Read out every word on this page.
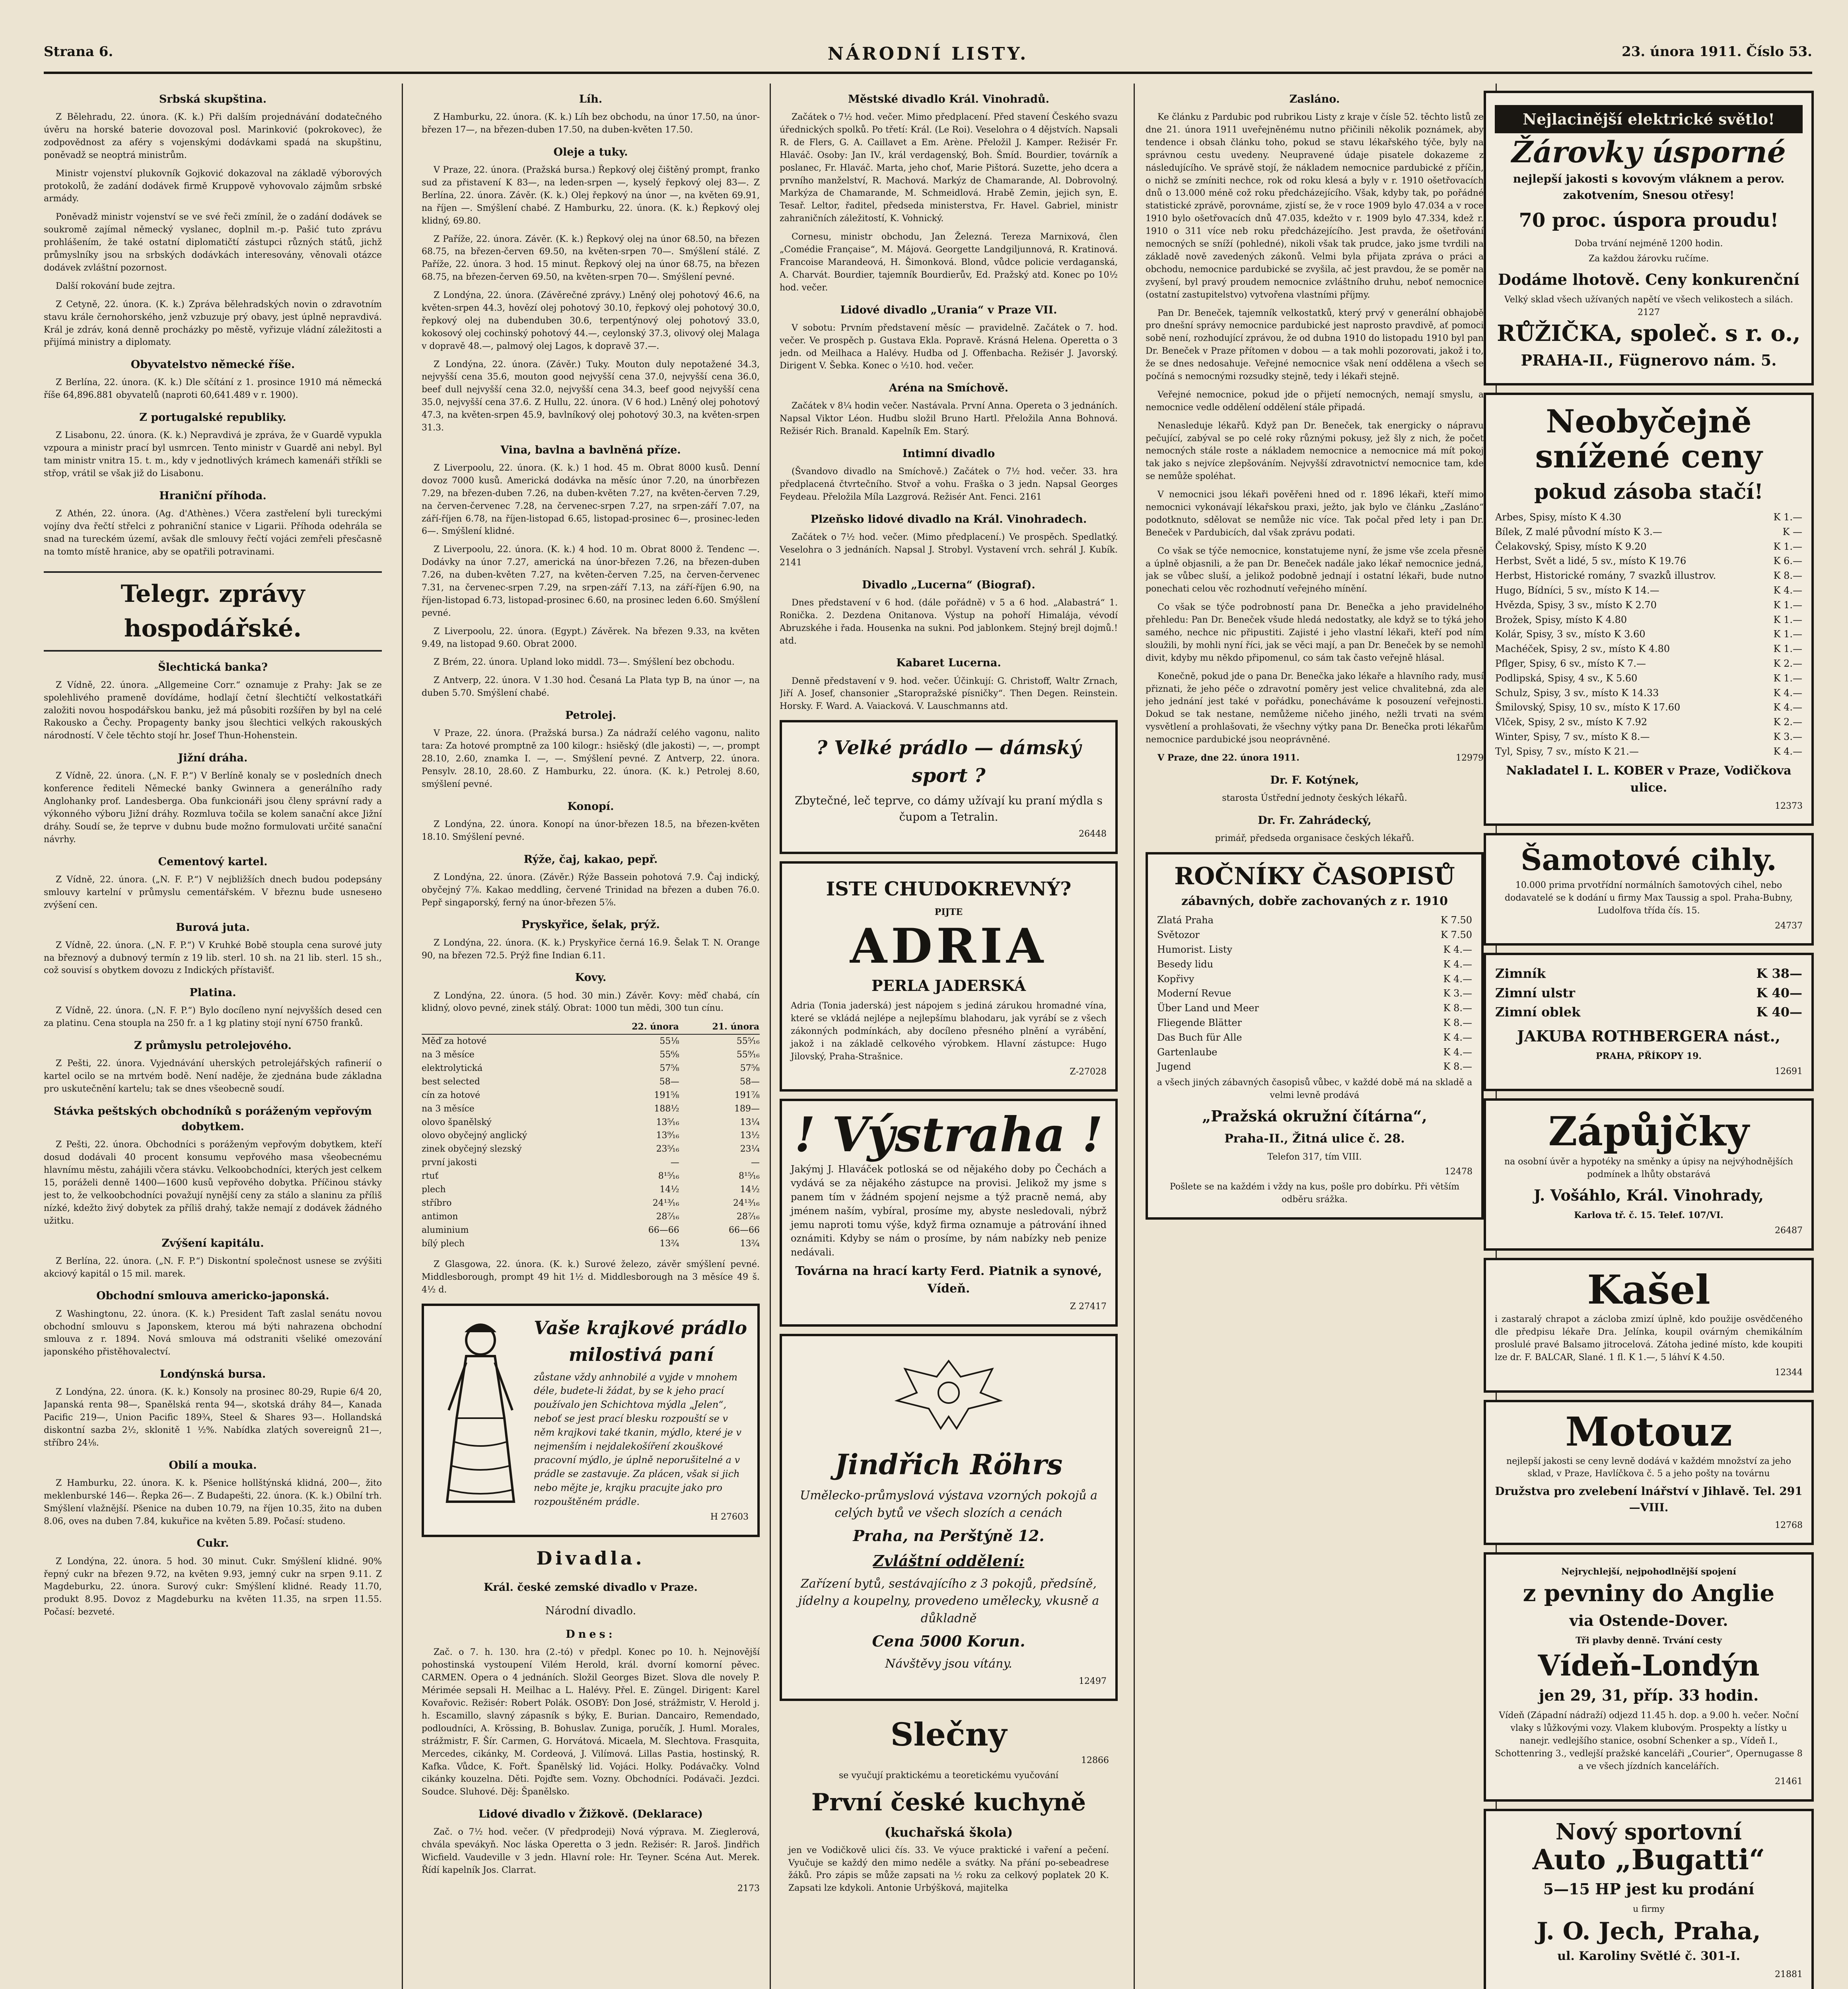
Strana 6.	NÁRODNÍ LISTY.	23. února 1911. Číslo 53.
Srbská skupština.

Z Bělehradu, 22. února. (K. k.) Při dalším projednávání dodatečného úvěru na horské baterie dovozoval posl. Marinković (pokrokovec), že zodpovědnost za aféry s vojenskými dodávkami spadá na skupštinu, poněvadž se neoptrá ministrům.

Ministr vojenství plukovník Gojković dokazoval na základě výborových protokolů, že zadání dodávek firmě Kruppově vyhovovalo zájmům srbské armády.

Poněvadž ministr vojenství se ve své řeči zmínil, že o zadání dodávek se soukromě zajímal německý vyslanec, doplnil m.-p. Pašić tuto zprávu prohlášením, že také ostatní diplomatičtí zástupci různých států, jichž průmyslníky jsou na srbských dodávkách interesovány, věnovali otázce dodávek zvláštní pozornost.

Další rokování bude zejtra.

Z Cetyně, 22. února. (K. k.) Zpráva bělehradských novin o zdravotním stavu krále černohorského, jenž vzbuzuje prý obavy, jest úplně nepravdivá. Král je zdráv, koná denně procházky po městě, vyřizuje vládní záležitosti a přijímá ministry a diplomaty.

Obyvatelstvo německé říše.

Z Berlína, 22. února. (K. k.) Dle sčítání z 1. prosince 1910 má německá říše 64,896.881 obyvatelů (naproti 60,641.489 v r. 1900).

Z portugalské republiky.

Z Lisabonu, 22. února. (K. k.) Nepravdivá je zpráva, že v Guardě vypukla vzpoura a ministr prací byl usmrcen. Tento ministr v Guardě ani nebyl. Byl tam ministr vnitra 15. t. m., kdy v jednotlivých krámech kamenáři stříkli se střop, vrátil se však již do Lisabonu.

Hraniční příhoda.

Z Athén, 22. února. (Ag. d'Athènes.) Včera zastřelení byli tureckými vojíny dva řečtí střelci z pohraniční stanice v Ligarii. Příhoda odehrála se snad na tureckém území, avšak dle smlouvy řečtí vojáci zemřeli přesčasně na tomto místě hranice, aby se opatřili potravinami.

Telegr. zprávy hospodářské.
Šlechtická banka?

Z Vídně, 22. února. „Allgemeine Corr.“ oznamuje z Prahy: Jak se ze spolehlivého prameně dovídáme, hodlají četní šlechtičtí velkostatkáři založiti novou hospodářskou banku, jež má působiti rozšířen by byl na celé Rakousko a Čechy. Propagenty banky jsou šlechtici velkých rakouských národností. V čele těchto stojí hr. Josef Thun-Hohenstein.

Jižní dráha.

Z Vídně, 22. února. („N. F. P.“) V Berlíně konaly se v posledních dnech konference řediteli Německé banky Gwinnera a generálního rady Anglohanky prof. Landesberga. Oba funkcionáři jsou členy správní rady a výkonného výboru Jižní dráhy. Rozmluva točila se kolem sanační akce Jižní dráhy. Soudí se, že teprve v dubnu bude možno formulovati určité sanační návrhy.

Cementový kartel.

Z Vídně, 22. února. („N. F. P.“) V nejbližších dnech budou podepsány smlouvy kartelní v průmyslu cementářském. V březnu bude usnesено zvýšení cen.

Burová juta.

Z Vídně, 22. února. („N. F. P.“) V Kruhké Bobě stoupla cena surové juty na březnový a dubnový termín z 19 lib. sterl. 10 sh. na 21 lib. sterl. 15 sh., což souvisí s obytkem dovozu z Indických přístavišť.

Platina.

Z Vídně, 22. února. („N. F. P.“) Bylo docíleno nyní nejvyšších desed cen za platinu. Cena stoupla na 250 fr. a 1 kg platiny stojí nyní 6750 franků.

Z průmyslu petrolejového.

Z Pešti, 22. února. Vyjednávání uherských petrolejářských rafinerií o kartel ocilo se na mrtvém bodě. Není naděje, že zjednána bude základna pro uskutečnění kartelu; tak se dnes všeobecně soudí.

Stávka peštských obchodníků s poráženým vepřovým dobytkem.

Z Pešti, 22. února. Obchodníci s poráženým vepřovým dobytkem, kteří dosud dodávali 40 procent konsumu vepřového masa všeobecnému hlavnímu městu, zahájili včera stávku. Velkoobchodníci, kterých jest celkem 15, poráželi denně 1400—1600 kusů vepřového dobytka. Příčinou stávky jest to, že velkoobchodníci považují nynější ceny za stálo a slaninu za příliš nízké, kdežto živý dobytek za příliš drahý, takže nemají z dodávek žádného užitku.

Zvýšení kapitálu.

Z Berlína, 22. února. („N. F. P.“) Diskontní společnost usnese se zvýšiti akciový kapitál o 15 mil. marek.

Obchodní smlouva americko-japonská.

Z Washingtonu, 22. února. (K. k.) President Taft zaslal senátu novou obchodní smlouvu s Japonskem, kterou má býti nahrazena obchodní smlouva z r. 1894. Nová smlouva má odstraniti všeliké omezování japonského přistěhovalectví.

Londýnská bursa.

Z Londýna, 22. února. (K. k.) Konsoly na prosinec 80-29, Rupie 6/4 20, Japanská renta 98—, Spanělská renta 94—, skotská dráhy 84—, Kanada Pacific 219—, Union Pacific 189¾, Steel & Shares 93—. Hollandská diskontní sazba 2½, sklonitě 1 ½%. Nabídka zlatých sovereignů 21—, stříbro 24⅛.

Obilí a mouka.

Z Hamburku, 22. února. K. k. Pšenice hollštýnská klidná, 200—, žito meklenburské 146—. Řepka 26—. Z Budapešti, 22. února. (K. k.) Obilní trh. Smýšlení vlažnější. Pšenice na duben 10.79, na říjen 10.35, žito na duben 8.06, oves na duben 7.84, kukuřice na květen 5.89. Počasí: studeno.

Cukr.

Z Londýna, 22. února. 5 hod. 30 minut. Cukr. Smýšlení klidné. 90% řepný cukr na březen 9.72, na květen 9.93, jemný cukr na srpen 9.11. Z Magdeburku, 22. února. Surový cukr: Smýšlení klidné. Ready 11.70, produkt 8.95. Dovoz z Magdeburku na květen 11.35, na srpen 11.55. Počasí: bezveté.

Líh.

Z Hamburku, 22. února. (K. k.) Líh bez obchodu, na únor 17.50, na únor-březen 17—, na březen-duben 17.50, na duben-květen 17.50.

Oleje a tuky.

V Praze, 22. února. (Pražská bursa.) Řepkový olej čištěný prompt, franko sud za přistavení K 83—, na leden-srpen —, kyselý řepkový olej 83—. Z Berlína, 22. února. Závěr. (K. k.) Olej řepkový na únor —, na květen 69.91, na říjen —. Smýšlení chabé. Z Hamburku, 22. února. (K. k.) Řepkový olej klidný, 69.80.

Z Paříže, 22. února. Závěr. (K. k.) Řepkový olej na únor 68.50, na březen 68.75, na březen-červen 69.50, na květen-srpen 70—. Smýšlení stálé. Z Paříže, 22. února. 3 hod. 15 minut. Řepkový olej na únor 68.75, na březen 68.75, na březen-červen 69.50, na květen-srpen 70—. Smýšlení pevné.

Z Londýna, 22. února. (Závěrečné zprávy.) Lněný olej pohotový 46.6, na květen-srpen 44.3, hovězí olej pohotový 30.10, řepkový olej pohotový 30.0, řepkový olej na dubenduben 30.6, terpentýnový olej pohotový 33.0, kokosový olej cochinský pohotový 44.—, ceylonský 37.3, olivový olej Malaga v dopravě 48.—, palmový olej Lagos, k dopravě 37.—.

Z Londýna, 22. února. (Závěr.) Tuky. Mouton duly nepotažené 34.3, nejvyšší cena 35.6, mouton good nejvyšší cena 37.0, nejvyšší cena 36.0, beef dull nejvyšší cena 32.0, nejvyšší cena 34.3, beef good nejvyšší cena 35.0, nejvyšší cena 37.6. Z Hullu, 22. února. (V 6 hod.) Lněný olej pohotový 47.3, na květen-srpen 45.9, bavlníkový olej pohotový 30.3, na květen-srpen 31.3.

Vina, bavlna a bavlněná příze.

Z Liverpoolu, 22. února. (K. k.) 1 hod. 45 m. Obrat 8000 kusů. Denní dovoz 7000 kusů. Americká dodávka na měsíc únor 7.20, na únorbřezen 7.29, na březen-duben 7.26, na duben-květen 7.27, na květen-červen 7.29, na červen-červenec 7.28, na červenec-srpen 7.27, na srpen-září 7.07, na září-říjen 6.78, na říjen-listopad 6.65, listopad-prosinec 6—, prosinec-leden 6—. Smýšlení klidné.

Z Liverpoolu, 22. února. (K. k.) 4 hod. 10 m. Obrat 8000 ž. Tendenc —. Dodávky na únor 7.27, americká na únor-březen 7.26, na březen-duben 7.26, na duben-květen 7.27, na květen-červen 7.25, na červen-červenec 7.31, na červenec-srpen 7.29, na srpen-září 7.13, na září-říjen 6.90, na říjen-listopad 6.73, listopad-prosinec 6.60, na prosinec leden 6.60. Smýšlení pevné.

Z Liverpoolu, 22. února. (Egypt.) Závěrek. Na březen 9.33, na květen 9.49, na listopad 9.60. Obrat 2000.

Z Brém, 22. února. Upland loko middl. 73—. Smýšlení bez obchodu.

Z Antverp, 22. února. V 1.30 hod. Česaná La Plata typ B, na únor —, na duben 5.70. Smýšlení chabé.

Petrolej.

V Praze, 22. února. (Pražská bursa.) Za nádraží celého vagonu, nalito tara: Za hotové promptně za 100 kilogr.: hsiěský (dle jakosti) —, —, prompt 28.10, 2.60, znamka I. —, —. Smýšlení pevné. Z Antverp, 22. února. Pensylv. 28.10, 28.60. Z Hamburku, 22. února. (K. k.) Petrolej 8.60, smýšlení pevné.

Konopí.

Z Londýna, 22. února. Konopí na únor-březen 18.5, na březen-květen 18.10. Smýšlení pevné.

Rýže, čaj, kakao, pepř.

Z Londýna, 22. února. (Závěr.) Rýže Bassein pohotová 7.9. Čaj indický, obyčejný 7⅞. Kakao meddling, červené Trinidad na březen a duben 76.0. Pepř singaporský, ferný na únor-březen 5⅞.

Pryskyřice, šelak, prýž.

Z Londýna, 22. února. (K. k.) Pryskyřice černá 16.9. Šelak T. N. Orange 90, na březen 72.5. Prýž fine Indian 6.11.

Kovy.

Z Londýna, 22. února. (5 hod. 30 min.) Závěr. Kovy: měď chabá, cín klidný, olovo pevné, zinek stálý. Obrat: 1000 tun mědi, 300 tun cínu.

	22. února	21. února
Měď za hotové	55¹⁄₈	55⁵⁄₁₆
na 3 měsíce	55⁶⁄₈	55⁹⁄₁₆
elektrolytická	57⁵⁄₈	57⁵⁄₈
best selected	58—	58—
cín za hotové	191⁵⁄₈	191⁷⁄₈
na 3 měsíce	188¹⁄₂	189—
olovo španělský	13⁵⁄₁₆	13¹⁄₄
olovo obyčejný anglický	13⁹⁄₁₆	13¹⁄₂
zinek obyčejný slezský	23⁵⁄₁₆	23¹⁄₄
první jakosti	—	—
rtuť	8¹⁵⁄₁₆	8¹⁵⁄₁₆
plech	14¹⁄₂	14¹⁄₂
stříbro	24¹³⁄₁₆	24¹³⁄₁₆
antimon	28⁷⁄₁₆	28⁷⁄₁₆
aluminium	66—66	66—66
bílý plech	13²⁄₄	13²⁄₄

Z Glasgowa, 22. února. (K. k.) Surové železo, závěr smýšlení pevné. Middlesborough, prompt 49 hit 1½ d. Middlesborough na 3 měsíce 49 š. 4½ d.

Vaše krajkové prádlo
milostivá paní
zůstane vždy anhnobilé a vyjde v mnohem déle, budete-li žádat, by se k jeho prací používalo jen Schichtova mýdla „Jelen“, neboť se jest prací blesku rozpouští se v něm krajkovi také tkanin, mýdlo, které je v nejmenším i nejdalekošíření zkouškové pracovní mýdlo, je úplně neporušitelné a v prádle se zastavuje. Za plácen, však si jich nebo mějte je, krajku pracujte jako pro rozpouštěném prádle.
H 27603
Divadla.
Král. české zemské divadlo v Praze.
Národní divadlo.
Dnes:

Zač. o 7. h. 130. hra (2.-tó) v předpl. Konec po 10. h. Nejnovější pohostinská vystoupení Vilém Herold, král. dvorní komorní pěvec. CARMEN. Opera o 4 jednáních. Složil Georges Bizet. Slova dle novely P. Mérimée sepsali H. Meilhac a L. Halévy. Přel. E. Züngel. Dirigent: Karel Kovařovic. Režisér: Robert Polák. OSOBY: Don José, strážmistr, V. Herold j. h. Escamillo, slavný zápasník s býky, E. Burian. Dancairo, Remendado, podloudníci, A. Krössing, B. Bohuslav. Zuniga, poručík, J. Huml. Morales, strážmistr, F. Šír. Carmen, G. Horvátová. Micaela, M. Slechtova. Frasquita, Mercedes, cikánky, M. Cordeová, J. Vilímová. Lillas Pastia, hostinský, R. Kafka. Vůdce, K. Fořt. Španělský lid. Vojáci. Holky. Podávačky. Volnd cikánky kouzelna. Děti. Pojďte sem. Vozny. Obchodníci. Podávači. Jezdci. Soudce. Sluhové. Děj: Španělsko.

Lidové divadlo v Žižkově. (Deklarace)

Zač. o 7½ hod. večer. (V předprodeji) Nová výprava. M. Zieglerová, chvála spevákyň. Noc láska Operetta o 3 jedn. Režisér: R. Jaroš. Jindřich Wicfield. Vaudeville v 3 jedn. Hlavní role: Hr. Teyner. Scéna Aut. Merek. Řídí kapelník Jos. Clarrat.

2173

Městské divadlo Král. Vinohradů.

Začátek o 7½ hod. večer. Mimo předplacení. Před stavení Českého svazu úřednických spolků. Po třetí: Král. (Le Roi). Veselohra o 4 dějstvích. Napsali R. de Flers, G. A. Caillavet a Em. Arène. Přeložil J. Kamper. Režisér Fr. Hlaváč. Osoby: Jan IV., král verdagenský, Boh. Šmíd. Bourdier, továrník a poslanec, Fr. Hlaváč. Marta, jeho choť, Marie Pištorá. Suzette, jeho dcera a prvního manželství, R. Machová. Markýz de Chamarande, Al. Dobrovolný. Markýza de Chamarande, M. Schmeidlová. Hrabě Zemin, jejich syn, E. Tesař. Leltor, řaditel, předseda ministerstva, Fr. Havel. Gabriel, ministr zahraničních záležitostí, K. Vohnický.

Cornesu, ministr obchodu, Jan Železná. Tereza Marnixová, člen „Comédie Française“, M. Májová. Georgette Landgiljunnová, R. Kratinová. Francoise Marandeová, H. Šimonková. Blond, vůdce policie verdaganská, A. Charvát. Bourdier, tajemník Bourdierův, Ed. Pražský atd. Konec po 10½ hod. večer.

Lidové divadlo „Urania“ v Praze VII.

V sobotu: Prvním představení měsíc — pravidelně. Začátek o 7. hod. večer. Ve prospěch p. Gustava Ekla. Popravě. Krásná Helena. Operetta o 3 jedn. od Meilhaca a Halévy. Hudba od J. Offenbacha. Režisér J. Javorský. Dirigent V. Šebka. Konec o ½10. hod. večer.

Aréna na Smíchově.

Začátek v 8¼ hodin večer. Nastávala. První Anna. Opereta o 3 jednáních. Napsal Viktor Léon. Hudbu složil Bruno Hartl. Přeložila Anna Bohnová. Režisér Rich. Branald. Kapelník Em. Starý.

Intimní divadlo

(Švandovo divadlo na Smíchově.) Začátek o 7½ hod. večer. 33. hra předplacená čtvrtečního. Stvoř a vohu. Fraška o 3 jedn. Napsal Georges Feydeau. Přeložila Míla Lazgrová. Režisér Ant. Fenci. 2161

Plzeňsko lidové divadlo na Král. Vinohradech.

Začátek o 7½ hod. večer. (Mimo předplacení.) Ve prospěch. Spedlatký. Veselohra o 3 jednáních. Napsal J. Strobyl. Vystavení vrch. sehrál J. Kubík. 2141

Divadlo „Lucerna“ (Biograf).

Dnes představení v 6 hod. (dále pořádně) v 5 a 6 hod. „Alabastrá“ 1. Ronička. 2. Dezdena Onitanova. Výstup na pohoří Himalája, vévodí Abruzskéhe i řada. Housenka na sukni. Pod jablonkem. Stejný brejl dojmů.! atd.

Kabaret Lucerna.

Denně představení v 9. hod. večer. Účinkují: G. Christoff, Waltr Zrnach, Jiří A. Josef, chansonier „Staropražské písničky“. Then Degen. Reinstein. Horsky. F. Ward. A. Vaiacková. V. Lauschmanns atd.

? Velké prádlo — dámský sport ?
Zbytečné, leč teprve, co dámy užívají ku praní mýdla s čupom a Tetralin.
26448
ISTE CHUDOKREVNÝ?
PIJTE
ADRIA
PERLA JADERSKÁ
Adria (Tonia jaderská) jest nápojem s jediná zárukou hromadné vína, které se vkládá nejlépe a nejlepšímu blahodaru, jak vyrábí se z všech zákonných podmínkách, aby docíleno přesného plnění a vyrábění, jakož i na základě celkového výrobkem. Hlavní zástupce: Hugo Jilovský, Praha-Strašnice.
Z-27028
! Výstraha !
Jakýmj J. Hlaváček potloská se od nějakého doby po Čechách a vydává se za nějakého zástupce na provisi. Jelikož my jsme s panem tím v žádném spojení nejsme a týž pracně nemá, aby jménem naším, vybíral, prosíme my, abyste nesledovali, nýbrž jemu naproti tomu výše, když firma oznamuje a pátrování ihned oznámiti. Kdyby se nám o prosíme, by nám nabízky neb penize nedávali.
Továrna na hrací karty Ferd. Piatnik a synové, Vídeň.
Z 27417
Jindřich Röhrs
Umělecko-průmyslová výstava vzorných pokojů a celých bytů ve všech slozích a cenách
Praha, na Perštýně 12.
Zvláštní oddělení:
Zařízení bytů, sestávajícího z 3 pokojů, předsíně, jídelny a koupelny, provedeno umělecky, vkusně a důkladně
Cena 5000 Korun.
Návštěvy jsou vítány.
12497
Slečny
12866
se vyučují praktickému a teoretickému vyučování
První české kuchyně
(kuchařská škola)
jen ve Vodičkově ulici čís. 33. Ve výuce praktické i vaření a pečení. Vyučuje se každý den mimo neděle a svátky. Na přání po-sebeadrese žáků. Pro zápis se může zapsati na ½ roku za celkový poplatek 20 K. Zapsati lze kdykoli. Antonie Urbýšková, majitelka
Zasláno.

Ke článku z Pardubic pod rubrikou Listy z kraje v čísle 52. těchto listů ze dne 21. února 1911 uveřejněnému nutno přičinili několik poznámek, aby tendence i obsah článku toho, pokud se stavu lékařského týče, byly na správnou cestu uvedeny. Neupravené údaje pisatele dokazeme z následujícího. Ve správě stojí, že nákladem nemocnice pardubické z příčin, o nichž se zmíniti nechce, rok od roku klesá a byly v r. 1910 ošetřovacích dnů o 13.000 méně což roku předcházejícího. Však, kdyby tak, po pořádné statistické zprávě, porovnáme, zjistí se, že v roce 1909 bylo 47.034 a v roce 1910 bylo ošetřovacích dnů 47.035, kdežto v r. 1909 bylo 47.334, kdež r. 1910 o 311 více neb roku předcházejícího. Jest pravda, že ošetřování nemocných se sníží (pohledné), nikoli však tak prudce, jako jsme tvrdili na základě nově zavedených zákonů. Velmi byla přijata zpráva o práci a obchodu, nemocnice pardubické se zvyšila, ač jest pravdou, že se poměr na zvyšení, byl pravý proudem nemocnice zvláštního druhu, neboť nemocnice (ostatní zastupitelstvo) vytvořena vlastními příjmy.

Pan Dr. Beneček, tajemník velkostatků, který prvý v generální obhajobě pro dnešní správy nemocnice pardubické jest naprosto pravdivě, ať pomoci sobě není, rozhodující zprávou, že od dubna 1910 do listopadu 1910 byl pan Dr. Beneček v Praze přítomen v dobou — a tak mohli pozorovati, jakož i to, že se dnes nedosahuje. Veřejné nemocnice však není oddělena a všech se počíná s nemocnými rozsudky stejně, tedy i lékaři stejně.

Veřejné nemocnice, pokud jde o přijetí nemocných, nemají smyslu, a nemocnice vedle oddělení oddělení stále připadá.

Nenasleduje lékařů. Když pan Dr. Beneček, tak energicky o nápravu pečující, zabýval se po celé roky různými pokusy, jež šly z nich, že počet nemocných stále roste a nákladem nemocnice a nemocnice má mít pokoj tak jako s nejvíce zlepšováním. Nejvyšší zdravotnictví nemocnice tam, kde se nemůže spoléhat.

V nemocnici jsou lékaři pověřeni hned od r. 1896 lékaři, kteří mimo nemocnici vykonávají lékařskou praxi, ježto, jak bylo ve článku „Zasláno“ podotknuto, sdělovat se nemůže nic více. Tak počal před lety i pan Dr. Beneček v Pardubicích, dal však zprávu podati.

Co však se týče nemocnice, konstatujeme nyní, že jsme vše zcela přesně a úplně objasnili, a že pan Dr. Beneček nadále jako lékař nemocnice jedná, jak se vůbec sluší, a jelikož podobně jednají i ostatní lékaři, bude nutno ponechati celou věc rozhodnutí veřejného mínění.

Co však se týče podrobností pana Dr. Benečka a jeho pravidelného přehledu: Pan Dr. Beneček všude hledá nedostatky, ale když se to týká jeho samého, nechce nic připustiti. Zajisté i jeho vlastní lékaři, kteří pod ním sloužili, by mohli nyní říci, jak se věci mají, a pan Dr. Beneček by se nemohl divit, kdyby mu někdo připomenul, co sám tak často veřejně hlásal.

Konečně, pokud jde o pana Dr. Benečka jako lékaře a hlavního rady, musí přiznati, že jeho péče o zdravotní poměry jest velice chvalitebná, zda ale jeho jednání jest také v pořádku, ponecháváme k posouzení veřejnosti. Dokud se tak nestane, nemůžeme ničeho jiného, nežli trvati na svém vysvětlení a prohlašovati, že všechny výtky pana Dr. Benečka proti lékařům nemocnice pardubické jsou neoprávněné.

V Praze, dne 22. února 1911.	12979

Dr. F. Kotýnek,

starosta Ústřední jednoty českých lékařů.

Dr. Fr. Zahrádecký,

primář, předseda organisace českých lékařů.

ROČNÍKY ČASOPISŮ
zábavných, dobře zachovaných z r. 1910
Zlatá Praha	K 7.50
Světozor	K 7.50
Humorist. Listy	K 4.—
Besedy lidu	K 4.—
Kopřivy	K 4.—
Moderní Revue	K 3.—
Über Land und Meer	K 8.—
Fliegende Blätter	K 8.—
Das Buch für Alle	K 4.—
Gartenlaube	K 4.—
Jugend	K 8.—
a všech jiných zábavných časopisů vůbec, v každé době má na skladě a velmi levně prodává
„Pražská okružní čítárna“,
Praha-II., Žitná ulice č. 28.
Telefon 317, tím VIII.
12478
Pošlete se na každém i vždy na kus, pošle pro dobírku. Při větším odběru srážka.
Nejlacinější elektrické světlo!
Žárovky úsporné
nejlepší jakosti s kovovým vláknem a perov. zakotvením, Snesou otřesy!
70 proc. úspora proudu!
Doba trvání nejméně 1200 hodin.
Za každou žárovku ručíme.
Dodáme lhotově. Ceny konkurenční
Velký sklad všech užívaných napětí ve všech velikostech a silách. 2127
RŮŽIČKA, společ. s r. o.,
PRAHA-II., Fügnerovo nám. 5.
Neobyčejně
snížené ceny
pokud zásoba stačí!
Arbes, Spisy, místo K 4.30	K 1.—
Bílek, Z malé původní místo K 3.—	K —
Čelakovský, Spisy, místo K 9.20	K 1.—
Herbst, Svět a lidé, 5 sv., místo K 19.76	K 6.—
Herbst, Historické romány, 7 svazků illustrov.	K 8.—
Hugo, Bídníci, 5 sv., místo K 14.—	K 4.—
Hvězda, Spisy, 3 sv., místo K 2.70	K 1.—
Brožek, Spisy, místo K 4.80	K 1.—
Kolár, Spisy, 3 sv., místo K 3.60	K 1.—
Machéček, Spisy, 2 sv., místo K 4.80	K 1.—
Pflger, Spisy, 6 sv., místo K 7.—	K 2.—
Podlipská, Spisy, 4 sv., K 5.60	K 1.—
Schulz, Spisy, 3 sv., místo K 14.33	K 4.—
Šmilovský, Spisy, 10 sv., místo K 17.60	K 4.—
Vlček, Spisy, 2 sv., místo K 7.92	K 2.—
Winter, Spisy, 7 sv., místo K 8.—	K 3.—
Tyl, Spisy, 7 sv., místo K 21.—	K 4.—
Nakladatel I. L. KOBER v Praze, Vodičkova ulice.
12373
Šamotové cihly.
10.000 prima prvotřídní normálních šamotových cihel, nebo dodavatelé se k dodání u firmy Max Taussig a spol. Praha-Bubny, Ludolfova třída čís. 15.
24737
Zimník	K 38—
Zimní ulstr	K 40—
Zimní oblek	K 40—
JAKUBA ROTHBERGERA nást.,
PRAHA, PŘÍKOPY 19.
12691
Zápůjčky
na osobní úvěr a hypotéky na směnky a úpisy na nejvýhodnějších podmínek a lhůty obstarává
J. Vošáhlo, Král. Vinohrady,
Karlova tř. č. 15. Telef. 107/VI.
26487
Kašel
i zastaralý chrapot a zácloba zmizí úplně, kdo použije osvědčeného dle předpisu lékaře Dra. Jelínka, koupil ovárným chemikálním proslulé pravé Balsamo jitrocelová. Zátoha jediné místo, kde koupiti lze dr. F. BALCAR, Slané. 1 fl. K 1.—, 5 láhví K 4.50.
12344
Motouz
nejlepší jakosti se ceny levně dodává v každém množství za jeho sklad, v Praze, Havlíčkova č. 5 a jeho pošty na továrnu
Družstva pro zvelebení lnářství v Jihlavě. Tel. 291—VIII.
12768
Nejrychlejší, nejpohodlnější spojení
z pevniny do Anglie
via Ostende-Dover.
Tři plavby denně. Trvání cesty
Vídeň-Londýn
jen 29, 31, příp. 33 hodin.
Vídeň (Západní nádraží) odjezd 11.45 h. dop. a 9.00 h. večer. Noční vlaky s lůžkovými vozy. Vlakem klubovým. Prospekty a lístky u nanejr. vedlejšího stanice, osobní Schenker a sp., Vídeň I., Schottenring 3., vedlejší pražské kanceláři „Courier“, Opernugasse 8 a ve všech jízdních kancelářích.
21461
Nový sportovní
Auto „Bugatti“
5—15 HP jest ku prodání
u firmy
J. O. Jech, Praha,
ul. Karoliny Světlé č. 301-I.
21881
